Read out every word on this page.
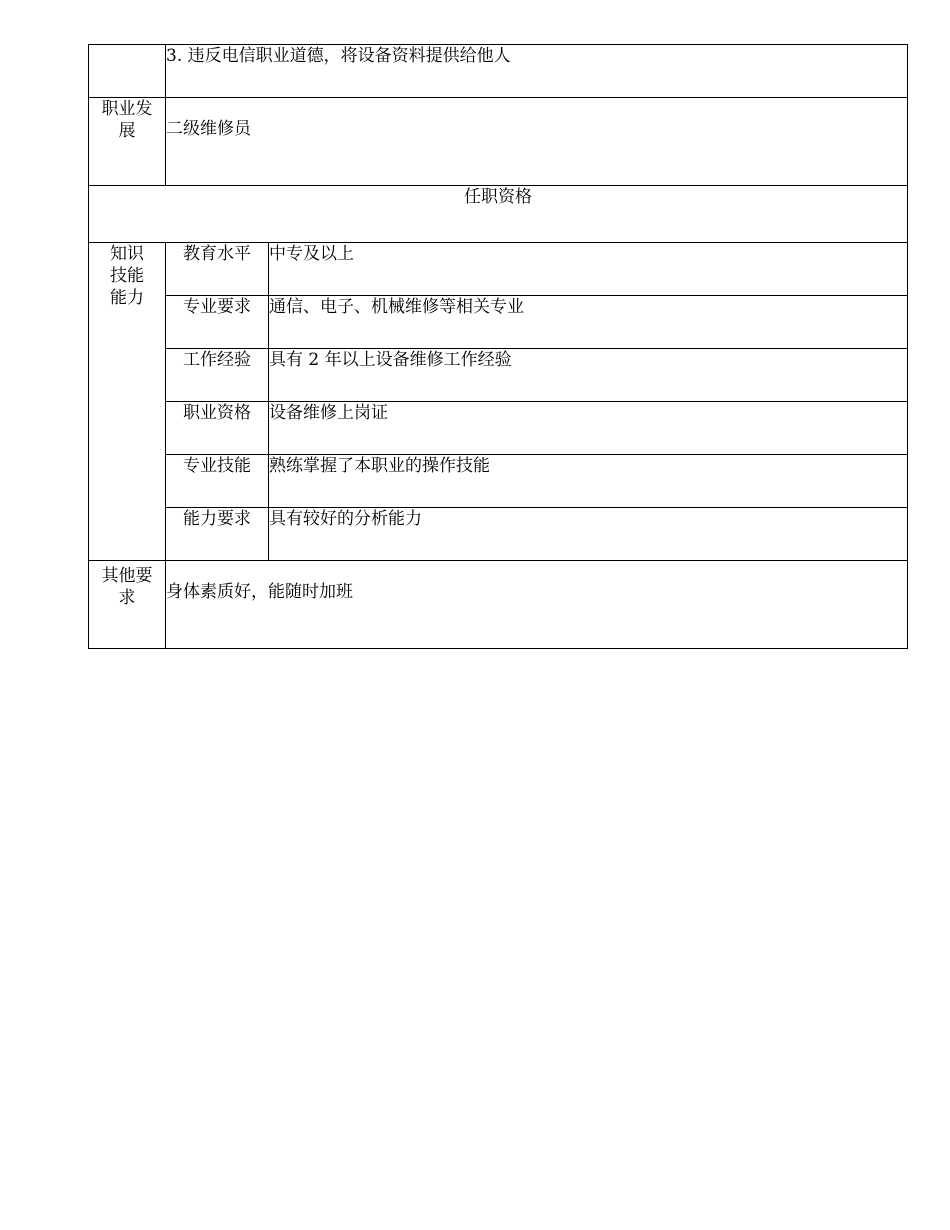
	3. 违反电信职业道德，将设备资料提供给他人	
职业发展	二级维修员	
任职资格		
知识技能能力	教育水平	中专及以上
	专业要求	通信、电子、机械维修等相关专业
	工作经验	具有 2 年以上设备维修工作经验
	职业资格	设备维修上岗证
	专业技能	熟练掌握了本职业的操作技能
	能力要求	具有较好的分析能力
其他要求	身体素质好，能随时加班	
